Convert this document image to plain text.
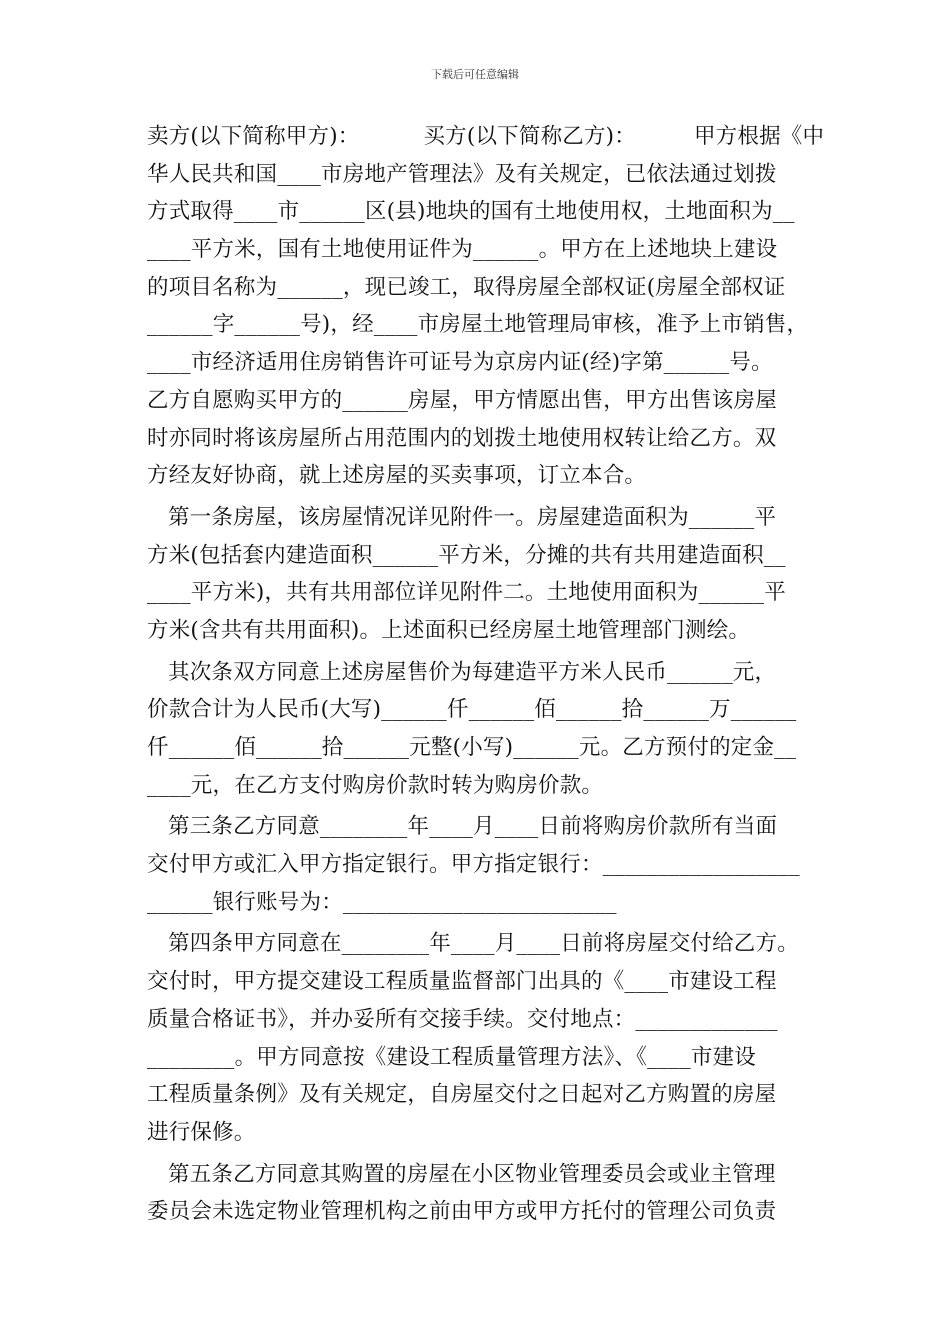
下载后可任意编辑
卖方(以下简称甲方)：	买方(以下简称乙方)：	甲方根据《中
华人民共和国____市房地产管理法》及有关规定，已依法通过划拨
方式取得____市______区(县)地块的国有土地使用权，土地面积为__
____平方米，国有土地使用证件为______。甲方在上述地块上建设
的项目名称为______，现已竣工，取得房屋全部权证(房屋全部权证
______字______号)，经____市房屋土地管理局审核，准予上市销售，
____市经济适用住房销售许可证号为京房内证(经)字第______号。
乙方自愿购买甲方的______房屋，甲方情愿出售，甲方出售该房屋
时亦同时将该房屋所占用范围内的划拨土地使用权转让给乙方。双
方经友好协商，就上述房屋的买卖事项，订立本合。
第一条房屋，该房屋情况详见附件一。房屋建造面积为______平
方米(包括套内建造面积______平方米，分摊的共有共用建造面积__
____平方米)，共有共用部位详见附件二。土地使用面积为______平
方米(含共有共用面积)。上述面积已经房屋土地管理部门测绘。
其次条双方同意上述房屋售价为每建造平方米人民币______元，
价款合计为人民币(大写)______仟______佰______拾______万______
仟______佰______拾______元整(小写)______元。乙方预付的定金__
____元，在乙方支付购房价款时转为购房价款。
第三条乙方同意________年____月____日前将购房价款所有当面
交付甲方或汇入甲方指定银行。甲方指定银行：__________________
______银行账号为：_________________________
第四条甲方同意在________年____月____日前将房屋交付给乙方。
交付时，甲方提交建设工程质量监督部门出具的《____市建设工程
质量合格证书》，并办妥所有交接手续。交付地点：_____________
________。甲方同意按《建设工程质量管理方法》、《____市建设
工程质量条例》及有关规定，自房屋交付之日起对乙方购置的房屋
进行保修。
第五条乙方同意其购置的房屋在小区物业管理委员会或业主管理
委员会未选定物业管理机构之前由甲方或甲方托付的管理公司负责
